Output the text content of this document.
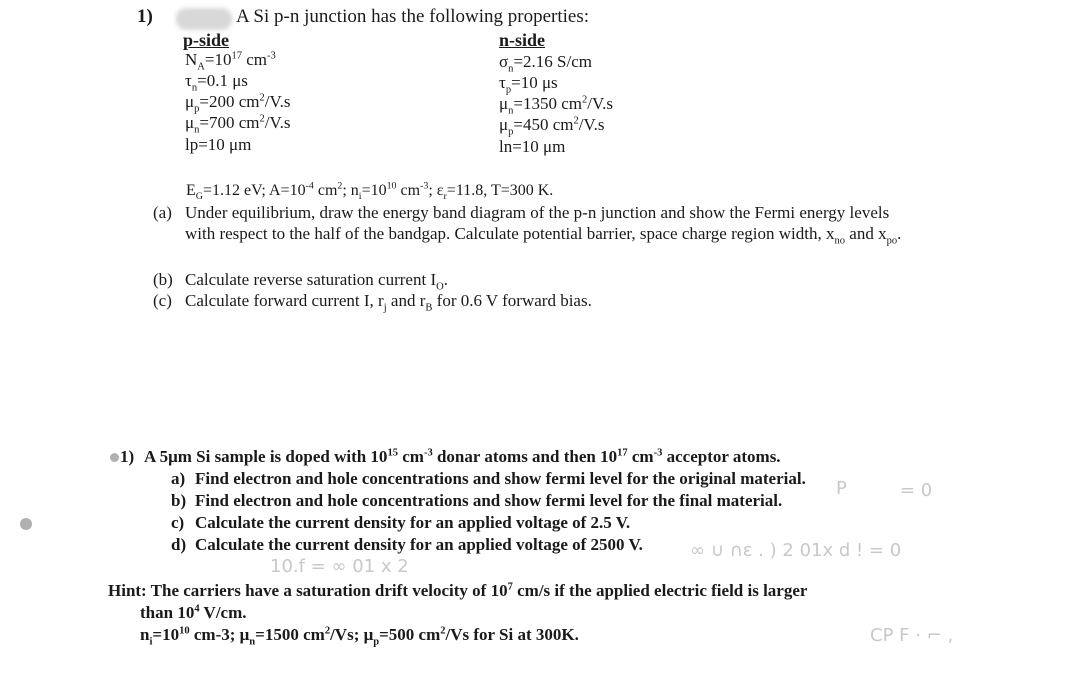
1)	A Si p-n junction has the following properties:
p-side
$N_A=10^{17}$ $cm^{-3}$
$\tau_n=0.1$ μs
$\mu_p=200$ $cm^2/V.s$
$\mu_n=700$ $cm^2/V.s$
lp=10 μm
n-side
$\sigma_n=2.16$ S/cm
$\tau_p=10$ μs
$\mu_n=1350$ $cm^2/V.s$
$\mu_p=450$ $cm^2/V.s$
ln=10 μm
$E_G=1.12$ eV; $A=10^{-4}$ $cm^2$; $n_i=10^{10}$ $cm^{-3}$; $\varepsilon_r=11.8$, T=300 K.
(a) Under equilibrium, draw the energy band diagram of the p-n junction and show the Fermi energy levels with respect to the half of the bandgap. Calculate potential barrier, space charge region width, $x_{no}$ and $x_{po}$.
(b) Calculate reverse saturation current $I_O$.
(c) Calculate forward current I, $r_j$ and $r_B$ for 0.6 V forward bias.
1) A 5μm Si sample is doped with $10^{15}$ $cm^{-3}$ donar atoms and then $10^{17}$ $cm^{-3}$ acceptor atoms.
a) Find electron and hole concentrations and show fermi level for the original material.
b) Find electron and hole concentrations and show fermi level for the final material.
c) Calculate the current density for an applied voltage of 2.5 V.
d) Calculate the current density for an applied voltage of 2500 V.
P	= 0
∞ ∪ ∩ε . ) 2 01x d ! = 0
10.f = ∞ 01 x 2
CP F · ⌐ ,
Hint: The carriers have a saturation drift velocity of $10^7$ cm/s if the applied electric field is larger
than $10^4$ V/cm.
$n_i=10^{10}$ cm-3; $\mu_n=1500$ $cm^2/Vs$; $\mu_p=500$ $cm^2/Vs$ for Si at 300K.
